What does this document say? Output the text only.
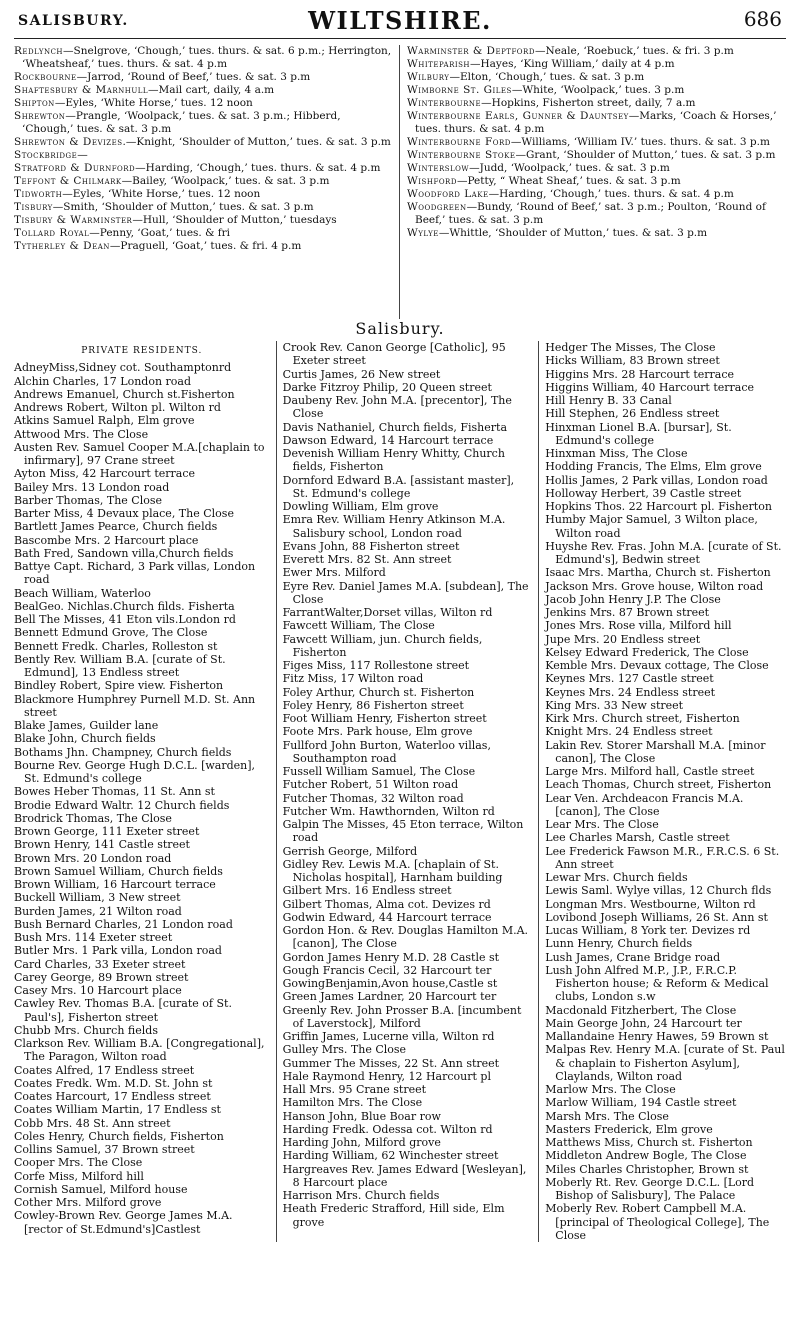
SALISBURY.	WILTSHIRE.	686
Redlynch—Snelgrove, ‘Chough,’ tues. thurs. & sat. 6 p.m.; Herrington, ‘Wheatsheaf,’ tues. thurs. & sat. 4 p.m
Rockbourne—Jarrod, ‘Round of Beef,’ tues. & sat. 3 p.m
Shaftesbury & Marnhull—Mail cart, daily, 4 a.m
Shipton—Eyles, ‘White Horse,’ tues. 12 noon
Shrewton—Prangle, ‘Woolpack,’ tues. & sat. 3 p.m.; Hibberd, ‘Chough,’ tues. & sat. 3 p.m
Shrewton & Devizes.—Knight, ‘Shoulder of Mutton,’ tues. & sat. 3 p.m
Stockbridge—
Stratford & Durnford—Harding, ‘Chough,’ tues. thurs. & sat. 4 p.m
Teffont & Chilmark—Bailey, ‘Woolpack,’ tues. & sat. 3 p.m
Tidworth—Eyles, ‘White Horse,’ tues. 12 noon
Tisbury—Smith, ‘Shoulder of Mutton,’ tues. & sat. 3 p.m
Tisbury & Warminster—Hull, ‘Shoulder of Mutton,’ tuesdays
Tollard Royal—Penny, ‘Goat,’ tues. & fri
Tytherley & Dean—Praguell, ‘Goat,’ tues. & fri. 4 p.m
Warminster & Deptford—Neale, ‘Roebuck,’ tues. & fri. 3 p.m
Whiteparish—Hayes, ‘King William,’ daily at 4 p.m
Wilbury—Elton, ‘Chough,’ tues. & sat. 3 p.m
Wimborne St. Giles—White, ‘Woolpack,’ tues. 3 p.m
Winterbourne—Hopkins, Fisherton street, daily, 7 a.m
Winterbourne Earls, Gunner & Dauntsey—Marks, ‘Coach & Horses,’ tues. thurs. & sat. 4 p.m
Winterbourne Ford—Williams, ‘William IV.’ tues. thurs. & sat. 3 p.m
Winterbourne Stoke—Grant, ‘Shoulder of Mutton,’ tues. & sat. 3 p.m
Winterslow—Judd, ‘Woolpack,’ tues. & sat. 3 p.m
Wishford—Petty, “ Wheat Sheaf,’ tues. & sat. 3 p.m
Woodford Lake—Harding, ‘Chough,’ tues. thurs. & sat. 4 p.m
Woodgreen—Bundy, ‘Round of Beef,’ sat. 3 p.m.; Poulton, ‘Round of Beef,’ tues. & sat. 3 p.m
Wylye—Whittle, ‘Shoulder of Mutton,’ tues. & sat. 3 p.m
Salisbury.
PRIVATE RESIDENTS.
AdneyMiss,Sidney cot. Southamptonrd
Alchin Charles, 17 London road
Andrews Emanuel, Church st.Fisherton
Andrews Robert, Wilton pl. Wilton rd
Atkins Samuel Ralph, Elm grove
Attwood Mrs. The Close
Austen Rev. Samuel Cooper M.A.[chaplain to infirmary], 97 Crane street
Ayton Miss, 42 Harcourt terrace
Bailey Mrs. 13 London road
Barber Thomas, The Close
Barter Miss, 4 Devaux place, The Close
Bartlett James Pearce, Church fields
Bascombe Mrs. 2 Harcourt place
Bath Fred, Sandown villa,Church fields
Battye Capt. Richard, 3 Park villas, London road
Beach William, Waterloo
BealGeo. Nichlas.Church filds. Fisherta
Bell The Misses, 41 Eton vils.London rd
Bennett Edmund Grove, The Close
Bennett Fredk. Charles, Rolleston st
Bently Rev. William B.A. [curate of St. Edmund], 13 Endless street
Bindley Robert, Spire view. Fisherton
Blackmore Humphrey Purnell M.D. St. Ann street
Blake James, Guilder lane
Blake John, Church fields
Bothams Jhn. Champney, Church fields
Bourne Rev. George Hugh D.C.L. [warden], St. Edmund's college
Bowes Heber Thomas, 11 St. Ann st
Brodie Edward Waltr. 12 Church fields
Brodrick Thomas, The Close
Brown George, 111 Exeter street
Brown Henry, 141 Castle street
Brown Mrs. 20 London road
Brown Samuel William, Church fields
Brown William, 16 Harcourt terrace
Buckell William, 3 New street
Burden James, 21 Wilton road
Bush Bernard Charles, 21 London road
Bush Mrs. 114 Exeter street
Butler Mrs. 1 Park villa, London road
Card Charles, 33 Exeter street
Carey George, 89 Brown street
Casey Mrs. 10 Harcourt place
Cawley Rev. Thomas B.A. [curate of St. Paul's], Fisherton street
Chubb Mrs. Church fields
Clarkson Rev. William B.A. [Congregational], The Paragon, Wilton road
Coates Alfred, 17 Endless street
Coates Fredk. Wm. M.D. St. John st
Coates Harcourt, 17 Endless street
Coates William Martin, 17 Endless st
Cobb Mrs. 48 St. Ann street
Coles Henry, Church fields, Fisherton
Collins Samuel, 37 Brown street
Cooper Mrs. The Close
Corfe Miss, Milford hill
Cornish Samuel, Milford house
Cother Mrs. Milford grove
Cowley-Brown Rev. George James M.A.[rector of St.Edmund's]Castlest
Crook Rev. Canon George [Catholic], 95 Exeter street
Curtis James, 26 New street
Darke Fitzroy Philip, 20 Queen street
Daubeny Rev. John M.A. [precentor], The Close
Davis Nathaniel, Church fields, Fisherta
Dawson Edward, 14 Harcourt terrace
Devenish William Henry Whitty, Church fields, Fisherton
Dornford Edward B.A. [assistant master], St. Edmund's college
Dowling William, Elm grove
Emra Rev. William Henry Atkinson M.A. Salisbury school, London road
Evans John, 88 Fisherton street
Everett Mrs. 82 St. Ann street
Ewer Mrs. Milford
Eyre Rev. Daniel James M.A. [subdean], The Close
FarrantWalter,Dorset villas, Wilton rd
Fawcett William, The Close
Fawcett William, jun. Church fields, Fisherton
Figes Miss, 117 Rollestone street
Fitz Miss, 17 Wilton road
Foley Arthur, Church st. Fisherton
Foley Henry, 86 Fisherton street
Foot William Henry, Fisherton street
Foote Mrs. Park house, Elm grove
Fullford John Burton, Waterloo villas, Southampton road
Fussell William Samuel, The Close
Futcher Robert, 51 Wilton road
Futcher Thomas, 32 Wilton road
Futcher Wm. Hawthornden, Wilton rd
Galpin The Misses, 45 Eton terrace, Wilton road
Gerrish George, Milford
Gidley Rev. Lewis M.A. [chaplain of St. Nicholas hospital], Harnham building
Gilbert Mrs. 16 Endless street
Gilbert Thomas, Alma cot. Devizes rd
Godwin Edward, 44 Harcourt terrace
Gordon Hon. & Rev. Douglas Hamilton M.A. [canon], The Close
Gordon James Henry M.D. 28 Castle st
Gough Francis Cecil, 32 Harcourt ter
GowingBenjamin,Avon house,Castle st
Green James Lardner, 20 Harcourt ter
Greenly Rev. John Prosser B.A. [incumbent of Laverstock], Milford
Griffin James, Lucerne villa, Wilton rd
Gulley Mrs. The Close
Gummer The Misses, 22 St. Ann street
Hale Raymond Henry, 12 Harcourt pl
Hall Mrs. 95 Crane street
Hamilton Mrs. The Close
Hanson John, Blue Boar row
Harding Fredk. Odessa cot. Wilton rd
Harding John, Milford grove
Harding William, 62 Winchester street
Hargreaves Rev. James Edward [Wesleyan], 8 Harcourt place
Harrison Mrs. Church fields
Heath Frederic Strafford, Hill side, Elm grove
Hedger The Misses, The Close
Hicks William, 83 Brown street
Higgins Mrs. 28 Harcourt terrace
Higgins William, 40 Harcourt terrace
Hill Henry B. 33 Canal
Hill Stephen, 26 Endless street
Hinxman Lionel B.A. [bursar], St. Edmund's college
Hinxman Miss, The Close
Hodding Francis, The Elms, Elm grove
Hollis James, 2 Park villas, London road
Holloway Herbert, 39 Castle street
Hopkins Thos. 22 Harcourt pl. Fisherton
Humby Major Samuel, 3 Wilton place, Wilton road
Huyshe Rev. Fras. John M.A. [curate of St. Edmund's], Bedwin street
Isaac Mrs. Martha, Church st. Fisherton
Jackson Mrs. Grove house, Wilton road
Jacob John Henry J.P. The Close
Jenkins Mrs. 87 Brown street
Jones Mrs. Rose villa, Milford hill
Jupe Mrs. 20 Endless street
Kelsey Edward Frederick, The Close
Kemble Mrs. Devaux cottage, The Close
Keynes Mrs. 127 Castle street
Keynes Mrs. 24 Endless street
King Mrs. 33 New street
Kirk Mrs. Church street, Fisherton
Knight Mrs. 24 Endless street
Lakin Rev. Storer Marshall M.A. [minor canon], The Close
Large Mrs. Milford hall, Castle street
Leach Thomas, Church street, Fisherton
Lear Ven. Archdeacon Francis M.A. [canon], The Close
Lear Mrs. The Close
Lee Charles Marsh, Castle street
Lee Frederick Fawson M.R., F.R.C.S. 6 St. Ann street
Lewar Mrs. Church fields
Lewis Saml. Wylye villas, 12 Church flds
Longman Mrs. Westbourne, Wilton rd
Lovibond Joseph Williams, 26 St. Ann st
Lucas William, 8 York ter. Devizes rd
Lunn Henry, Church fields
Lush James, Crane Bridge road
Lush John Alfred M.P., J.P., F.R.C.P. Fisherton house; & Reform & Medical clubs, London s.w
Macdonald Fitzherbert, The Close
Main George John, 24 Harcourt ter
Mallandaine Henry Hawes, 59 Brown st
Malpas Rev. Henry M.A. [curate of St. Paul & chaplain to Fisherton Asylum], Claylands, Wilton road
Marlow Mrs. The Close
Marlow William, 194 Castle street
Marsh Mrs. The Close
Masters Frederick, Elm grove
Matthews Miss, Church st. Fisherton
Middleton Andrew Bogle, The Close
Miles Charles Christopher, Brown st
Moberly Rt. Rev. George D.C.L. [Lord Bishop of Salisbury], The Palace
Moberly Rev. Robert Campbell M.A. [principal of Theological College], The Close
